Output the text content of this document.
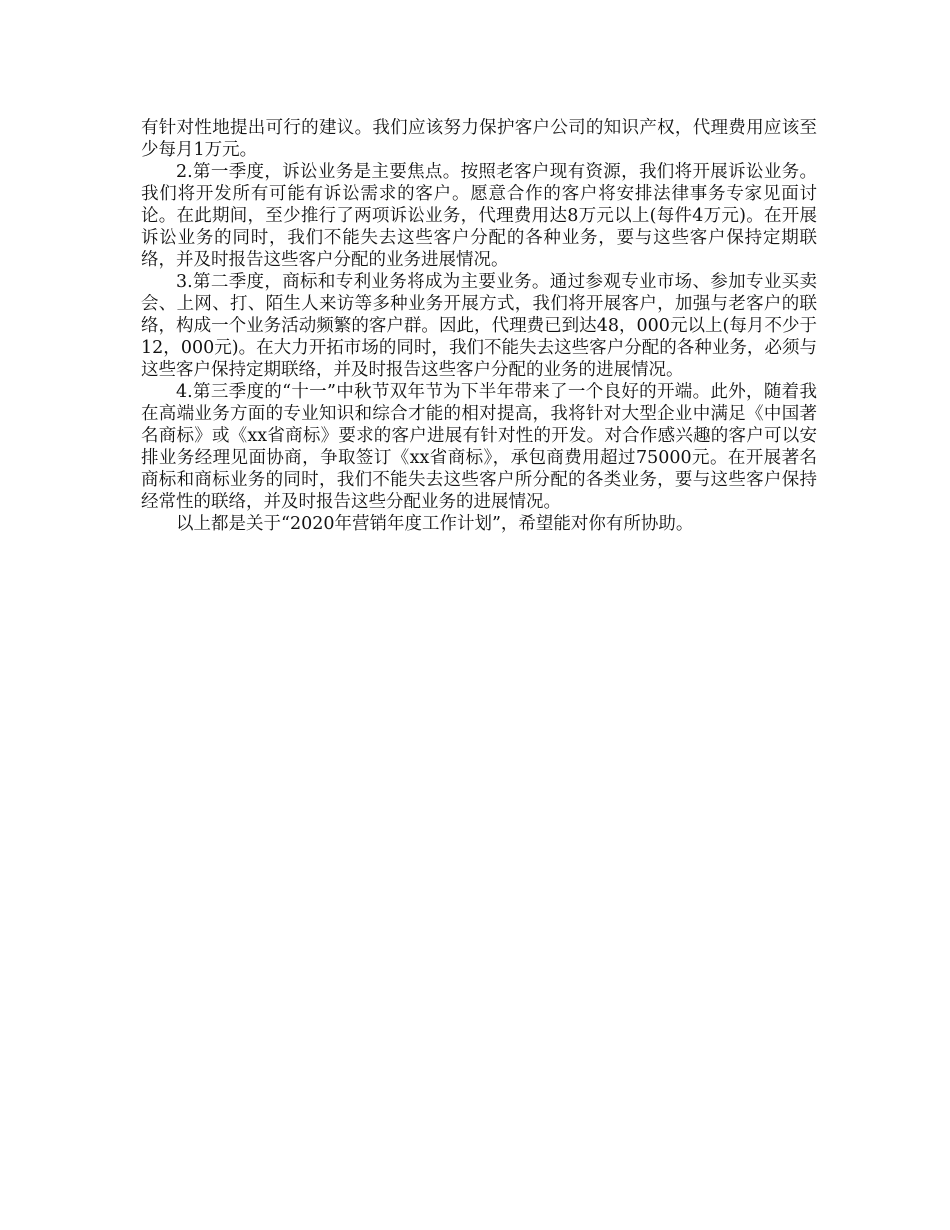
有针对性地提出可行的建议。我们应该努力保护客户公司的知识产权，代理费用应该至少每月1万元。

2.第一季度，诉讼业务是主要焦点。按照老客户现有资源，我们将开展诉讼业务。我们将开发所有可能有诉讼需求的客户。愿意合作的客户将安排法律事务专家见面讨论。在此期间，至少推行了两项诉讼业务，代理费用达8万元以上(每件4万元)。在开展诉讼业务的同时，我们不能失去这些客户分配的各种业务，要与这些客户保持定期联络，并及时报告这些客户分配的业务进展情况。

3.第二季度，商标和专利业务将成为主要业务。通过参观专业市场、参加专业买卖会、上网、打、陌生人来访等多种业务开展方式，我们将开展客户，加强与老客户的联络，构成一个业务活动频繁的客户群。因此，代理费已到达48，000元以上(每月不少于12，000元)。在大力开拓市场的同时，我们不能失去这些客户分配的各种业务，必须与这些客户保持定期联络，并及时报告这些客户分配的业务的进展情况。

4.第三季度的“十一”中秋节双年节为下半年带来了一个良好的开端。此外，随着我在高端业务方面的专业知识和综合才能的相对提高，我将针对大型企业中满足《中国著名商标》或《xx省商标》要求的客户进展有针对性的开发。对合作感兴趣的客户可以安排业务经理见面协商，争取签订《xx省商标》，承包商费用超过75000元。在开展著名商标和商标业务的同时，我们不能失去这些客户所分配的各类业务，要与这些客户保持经常性的联络，并及时报告这些分配业务的进展情况。

以上都是关于“2020年营销年度工作计划”，希望能对你有所协助。
